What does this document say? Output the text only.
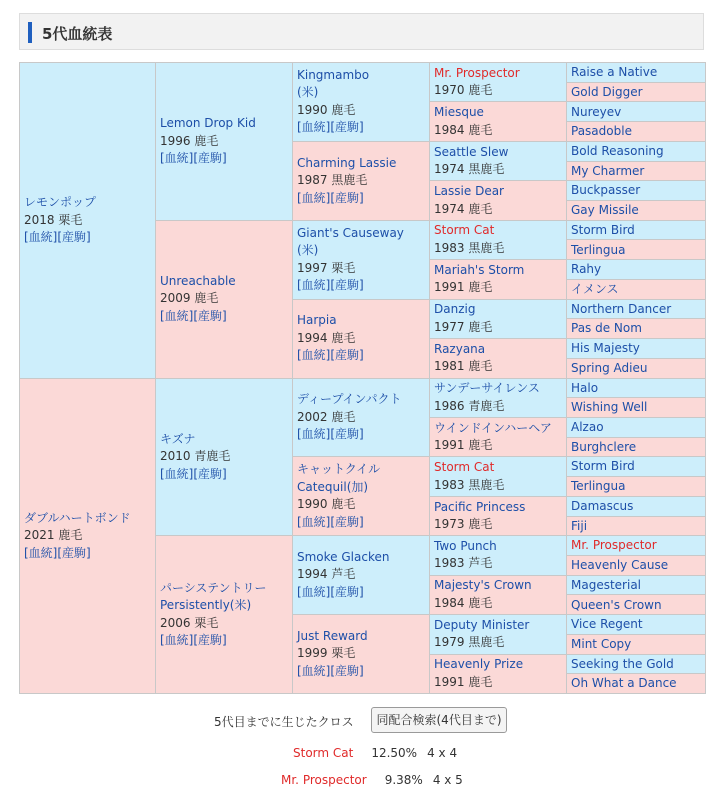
5代血統表
レモンポップ
2018 栗毛
[血統][産駒]	Lemon Drop Kid
1996 鹿毛
[血統][産駒]	Kingmambo
(米)
1990 鹿毛
[血統][産駒]	Mr. Prospector
1970 鹿毛	Raise a Native

				Gold Digger

			Miesque
1984 鹿毛	Nureyev

				Pasadoble

		Charming Lassie
1987 黒鹿毛
[血統][産駒]	Seattle Slew
1974 黒鹿毛	Bold Reasoning

				My Charmer

			Lassie Dear
1974 鹿毛	Buckpasser

				Gay Missile

	Unreachable
2009 鹿毛
[血統][産駒]	Giant's Causeway
(米)
1997 栗毛
[血統][産駒]	Storm Cat
1983 黒鹿毛	Storm Bird

				Terlingua

			Mariah's Storm
1991 鹿毛	Rahy

				イメンス

		Harpia
1994 鹿毛
[血統][産駒]	Danzig
1977 鹿毛	Northern Dancer

				Pas de Nom

			Razyana
1981 鹿毛	His Majesty

				Spring Adieu

ダブルハートボンド
2021 鹿毛
[血統][産駒]	キズナ
2010 青鹿毛
[血統][産駒]	ディープインパクト
2002 鹿毛
[血統][産駒]	サンデーサイレンス
1986 青鹿毛	Halo

				Wishing Well

			ウインドインハーヘア
1991 鹿毛	Alzao

				Burghclere

		キャットクイル
Catequil(加)
1990 鹿毛
[血統][産駒]	Storm Cat
1983 黒鹿毛	Storm Bird

				Terlingua

			Pacific Princess
1973 鹿毛	Damascus

				Fiji

	パーシステントリー
Persistently(米)
2006 栗毛
[血統][産駒]	Smoke Glacken
1994 芦毛
[血統][産駒]	Two Punch
1983 芦毛	Mr. Prospector

				Heavenly Cause

			Majesty's Crown
1984 鹿毛	Magesterial

				Queen's Crown

		Just Reward
1999 栗毛
[血統][産駒]	Deputy Minister
1979 黒鹿毛	Vice Regent

				Mint Copy

			Heavenly Prize
1991 鹿毛	Seeking the Gold

				Oh What a Dance
5代目までに生じたクロス	同配合検索(4代目まで)
Storm Cat 12.50% 4 x 4
Mr. Prospector 9.38% 4 x 5
